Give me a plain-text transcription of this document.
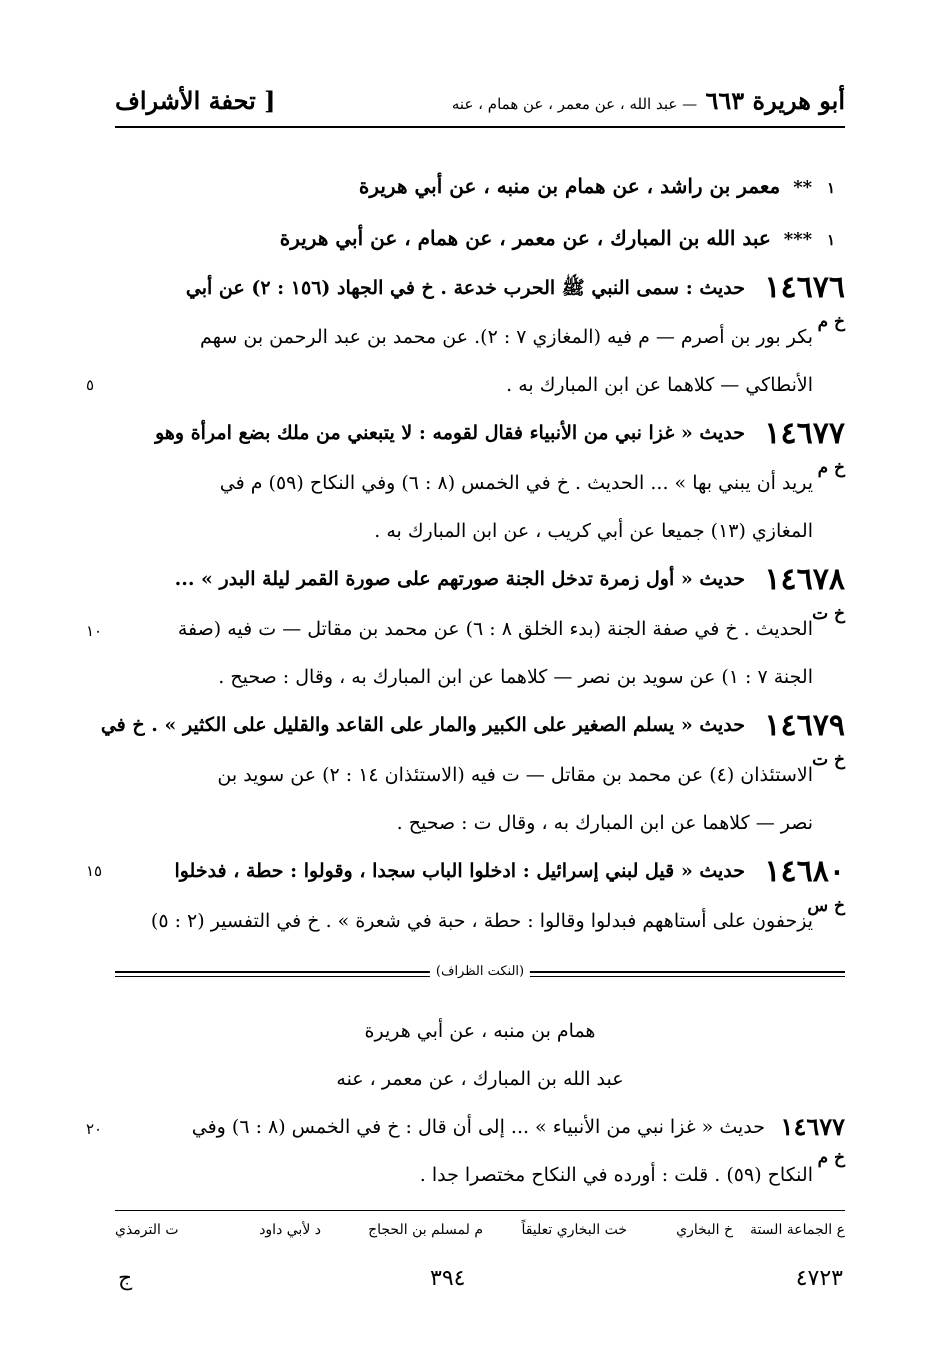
أبو هريرة ٦٦٣ — عبد الله ، عن معمر ، عن همام ، عنه
[ تحفة الأشراف
١ ** معمر بن راشد ، عن همام بن منبه ، عن أبي هريرة
١ *** عبد الله بن المبارك ، عن معمر ، عن همام ، عن أبي هريرة
١٤٦٧٦
خ م
حديث : سمى النبي ﷺ الحرب خدعة . خ في الجهاد (١٥٦ : ٢) عن أبي
بكر بور بن أصرم — م فيه (المغازي ٧ : ٢). عن محمد بن عبد الرحمن بن سهم
الأنطاكي — كلاهما عن ابن المبارك به .
٥
١٤٦٧٧
خ م
حديث « غزا نبي من الأنبياء فقال لقومه : لا يتبعني من ملك بضع امرأة وهو
يريد أن يبني بها » ... الحديث . خ في الخمس (٨ : ٦) وفي النكاح (٥٩) م في
المغازي (١٣) جميعا عن أبي كريب ، عن ابن المبارك به .
١٤٦٧٨
خ ت
حديث « أول زمرة تدخل الجنة صورتهم على صورة القمر ليلة البدر » ...
الحديث . خ في صفة الجنة (بدء الخلق ٨ : ٦) عن محمد بن مقاتل — ت فيه (صفة
الجنة ٧ : ١) عن سويد بن نصر — كلاهما عن ابن المبارك به ، وقال : صحيح .
١٠
١٤٦٧٩
خ ت
حديث « يسلم الصغير على الكبير والمار على القاعد والقليل على الكثير » . خ في
الاستئذان (٤) عن محمد بن مقاتل — ت فيه (الاستئذان ١٤ : ٢) عن سويد بن
نصر — كلاهما عن ابن المبارك به ، وقال ت : صحيح .
١٤٦٨٠
خ س
حديث « قيل لبني إسرائيل : ادخلوا الباب سجدا ، وقولوا : حطة ، فدخلوا
يزحفون على أستاههم فبدلوا وقالوا : حطة ، حبة في شعرة » . خ في التفسير (٢ : ٥)
١٥
(النكت الظراف)
همام بن منبه ، عن أبي هريرة
عبد الله بن المبارك ، عن معمر ، عنه
١٤٦٧٧
خ م
حديث « غزا نبي من الأنبياء » ... إلى أن قال : خ في الخمس (٨ : ٦) وفي
النكاح (٥٩) . قلت : أورده في النكاح مختصرا جدا .
٢٠
ع الجماعة الستة
خ البخاري
خت البخاري تعليقاً
م لمسلم بن الحجاج
د لأبي داود
ت الترمذي
٤٧٢٣
٣٩٤
ج
